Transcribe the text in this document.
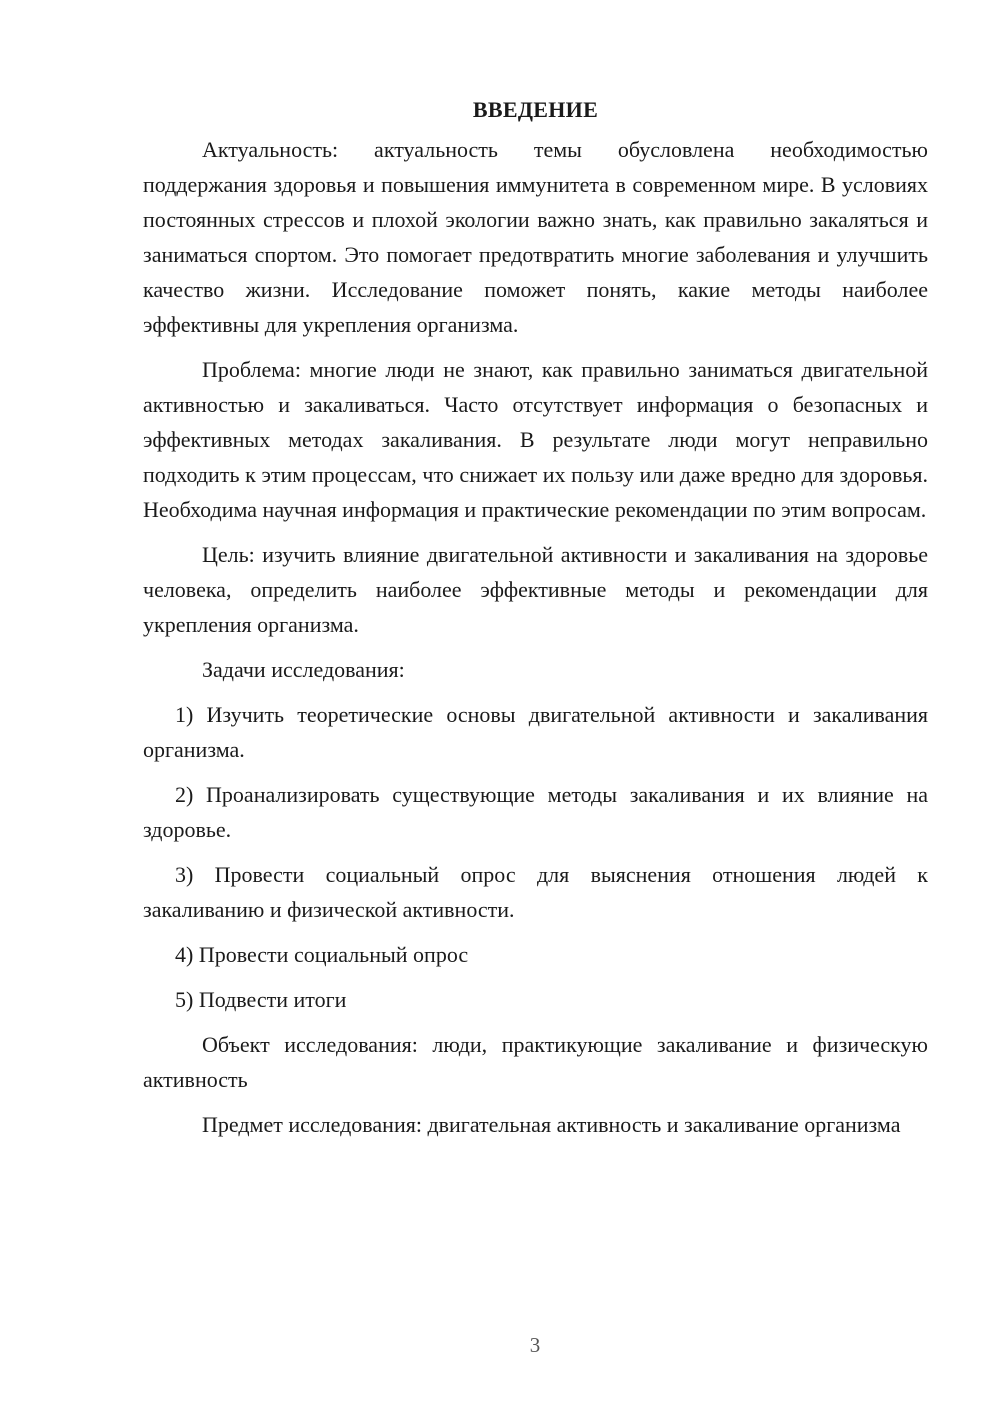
ВВЕДЕНИЕ

Актуальность: актуальность темы обусловлена необходимостью поддержания здоровья и повышения иммунитета в современном мире. В условиях постоянных стрессов и плохой экологии важно знать, как правильно закаляться и заниматься спортом. Это помогает предотвратить многие заболевания и улучшить качество жизни. Исследование поможет понять, какие методы наиболее эффективны для укрепления организма.

Проблема: многие люди не знают, как правильно заниматься двигательной активностью и закаливаться. Часто отсутствует информация о безопасных и эффективных методах закаливания. В результате люди могут неправильно подходить к этим процессам, что снижает их пользу или даже вредно для здоровья. Необходима научная информация и практические рекомендации по этим вопросам.

Цель: изучить влияние двигательной активности и закаливания на здоровье человека, определить наиболее эффективные методы и рекомендации для укрепления организма.

Задачи исследования:

1) Изучить теоретические основы двигательной активности и закаливания организма.

2) Проанализировать существующие методы закаливания и их влияние на здоровье.

3) Провести социальный опрос для выяснения отношения людей к закаливанию и физической активности.

4) Провести социальный опрос

5) Подвести итоги

Объект исследования: люди, практикующие закаливание и физическую активность

Предмет исследования: двигательная активность и закаливание организма

3
